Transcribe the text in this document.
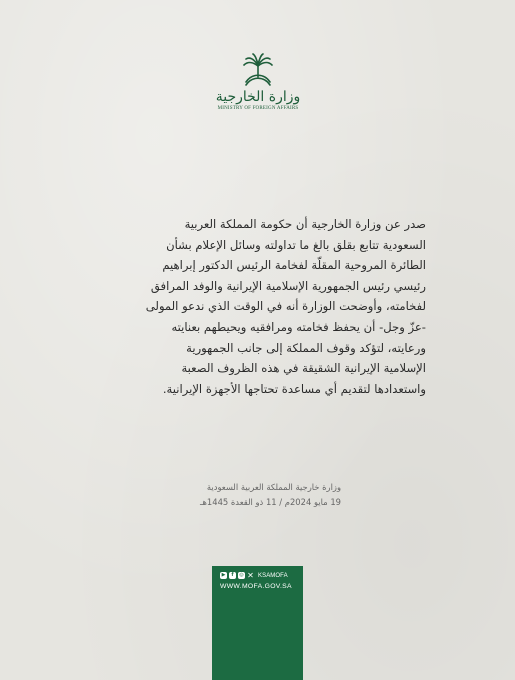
وزارة الخارجية
MINISTRY OF FOREIGN AFFAIRS
صدر عن وزارة الخارجية أن حكومة المملكة العربية
السعودية تتابع بقلق بالغ ما تداولته وسائل الإعلام بشأن
الطائرة المروحية المقلّة لفخامة الرئيس الدكتور إبراهيم
رئيسي رئيس الجمهورية الإسلامية الإيرانية والوفد المرافق
لفخامته، وأوضحت الوزارة أنه في الوقت الذي ندعو المولى
-عزّ وجل- أن يحفظ فخامته ومرافقيه ويحيطهم بعنايته
ورعايته، لتؤكد وقوف المملكة إلى جانب الجمهورية
الإسلامية الإيرانية الشقيقة في هذه الظروف الصعبة
واستعدادها لتقديم أي مساعدة تحتاجها الأجهزة الإيرانية.
وزارة خارجية المملكة العربية السعودية
19 مايو 2024م / 11 ذو القعدة 1445هـ
▶	f	◎ ✕ KSAMOFA
WWW.MOFA.GOV.SA
